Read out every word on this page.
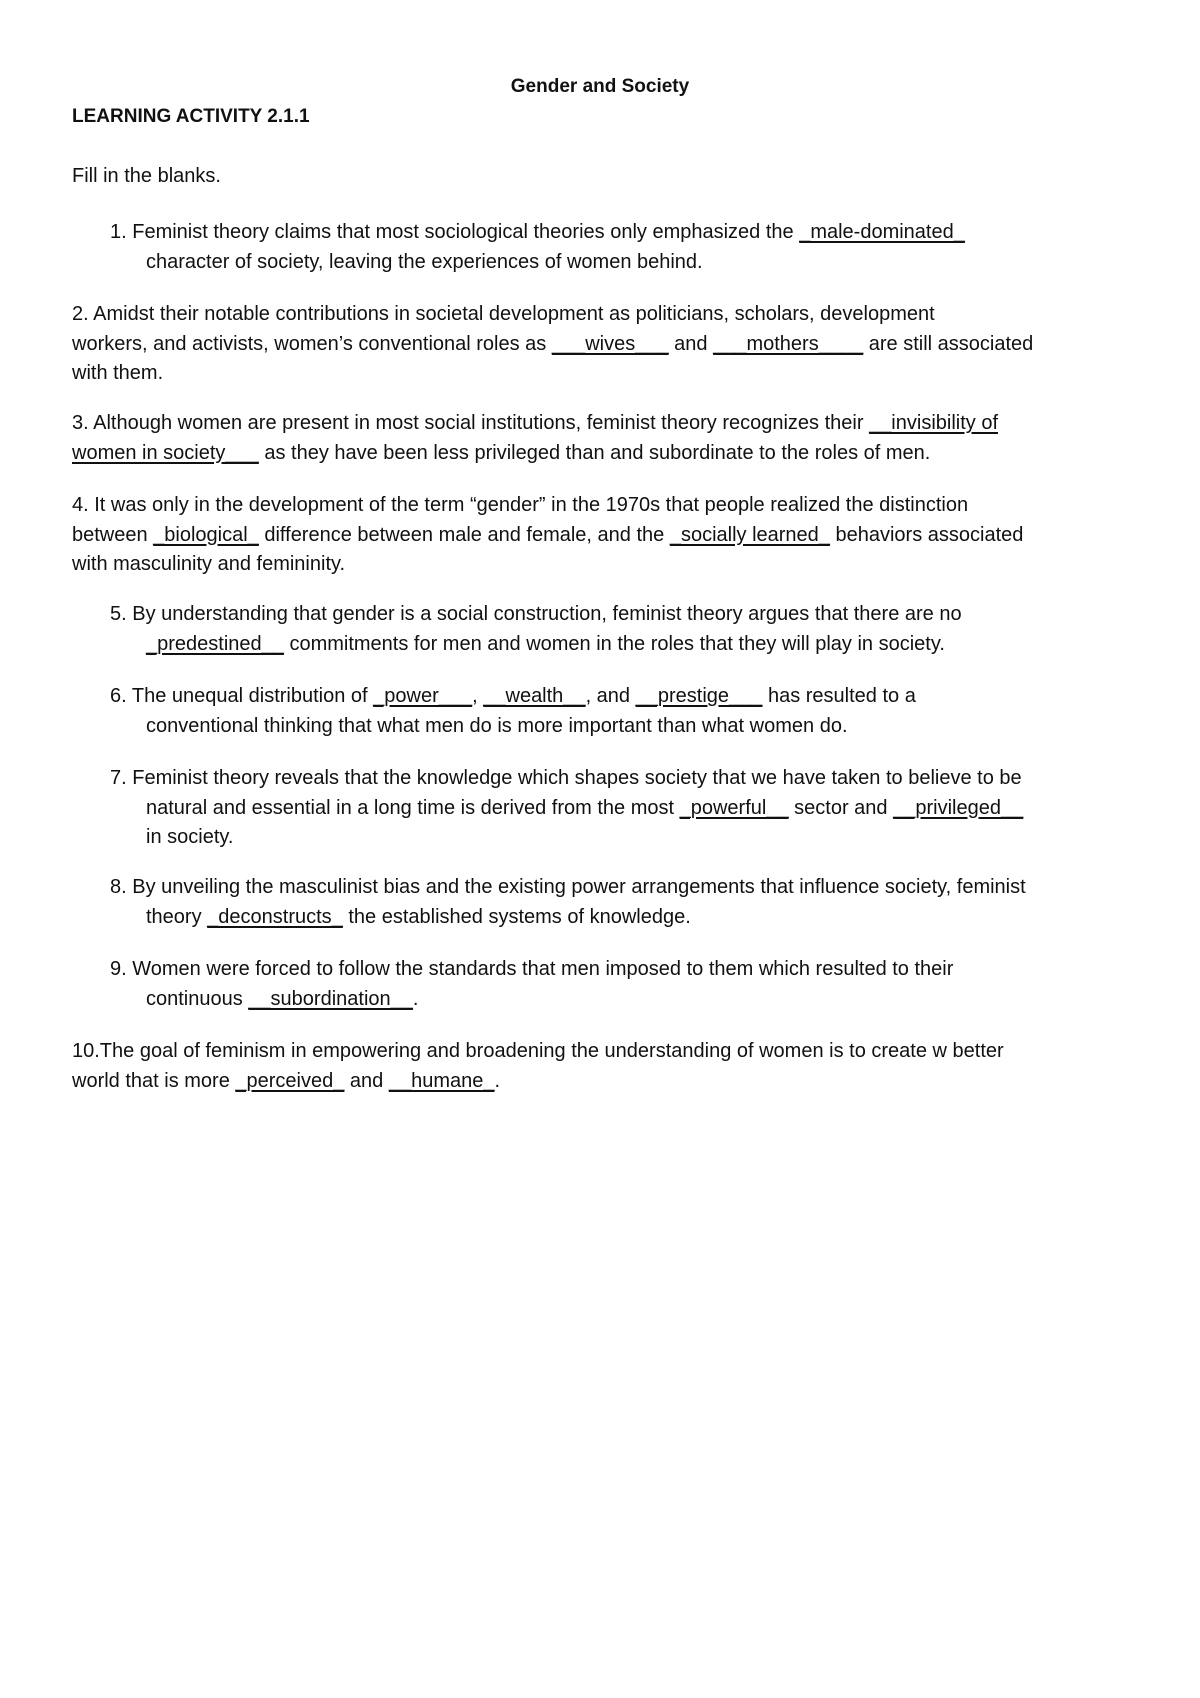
Gender and Society
LEARNING ACTIVITY 2.1.1
Fill in the blanks.
1. Feminist theory claims that most sociological theories only emphasized the _male-dominated_
character of society, leaving the experiences of women behind.
2. Amidst their notable contributions in societal development as politicians, scholars, development
workers, and activists, women’s conventional roles as ___wives___ and ___mothers____ are still associated
with them.
3. Although women are present in most social institutions, feminist theory recognizes their __invisibility of
women in society___ as they have been less privileged than and subordinate to the roles of men.
4. It was only in the development of the term “gender” in the 1970s that people realized the distinction
between _biological_ difference between male and female, and the _socially learned_ behaviors associated
with masculinity and femininity.
5. By understanding that gender is a social construction, feminist theory argues that there are no
_predestined__ commitments for men and women in the roles that they will play in society.
6. The unequal distribution of _power___, __wealth__, and __prestige___ has resulted to a
conventional thinking that what men do is more important than what women do.
7. Feminist theory reveals that the knowledge which shapes society that we have taken to believe to be
natural and essential in a long time is derived from the most _powerful__ sector and __privileged__
in society.
8. By unveiling the masculinist bias and the existing power arrangements that influence society, feminist
theory _deconstructs_ the established systems of knowledge.
9. Women were forced to follow the standards that men imposed to them which resulted to their
continuous __subordination__.
10.The goal of feminism in empowering and broadening the understanding of women is to create w better
world that is more _perceived_ and __humane_.
